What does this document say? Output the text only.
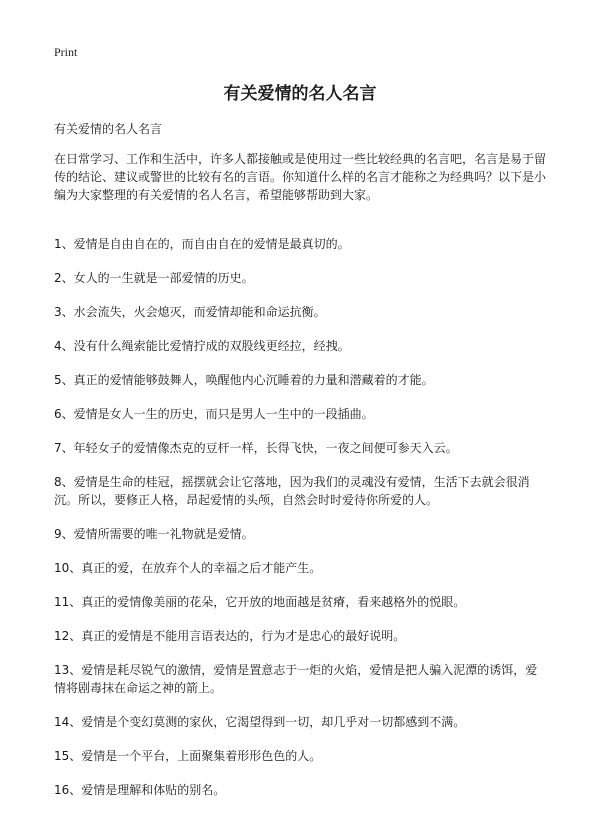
Print
有关爱情的名人名言

有关爱情的名人名言

在日常学习、工作和生活中，许多人都接触或是使用过一些比较经典的名言吧，名言是易于留传的结论、建议或警世的比较有名的言语。你知道什么样的名言才能称之为经典吗？以下是小编为大家整理的有关爱情的名人名言，希望能够帮助到大家。

1、爱情是自由自在的，而自由自在的爱情是最真切的。
2、女人的一生就是一部爱情的历史。
3、水会流失，火会熄灭，而爱情却能和命运抗衡。
4、没有什么绳索能比爱情拧成的双股线更经拉，经拽。
5、真正的爱情能够鼓舞人，唤醒他内心沉睡着的力量和潜藏着的才能。
6、爱情是女人一生的历史，而只是男人一生中的一段插曲。
7、年轻女子的爱情像杰克的豆杆一样，长得飞快，一夜之间便可参天入云。
8、爱情是生命的桂冠，摇摆就会让它落地，因为我们的灵魂没有爱情，生活下去就会很消沉。所以，要修正人格，昂起爱情的头颅，自然会时时爱待你所爱的人。
9、爱情所需要的唯一礼物就是爱情。
10、真正的爱，在放弃个人的幸福之后才能产生。
11、真正的爱情像美丽的花朵，它开放的地面越是贫瘠，看来越格外的悦眼。
12、真正的爱情是不能用言语表达的，行为才是忠心的最好说明。
13、爱情是耗尽锐气的激情，爱情是置意志于一炬的火焰，爱情是把人骗入泥潭的诱饵，爱情将剧毒抹在命运之神的箭上。
14、爱情是个变幻莫测的家伙，它渴望得到一切，却几乎对一切都感到不满。
15、爱情是一个平台，上面聚集着形形色色的人。
16、爱情是理解和体贴的别名。
